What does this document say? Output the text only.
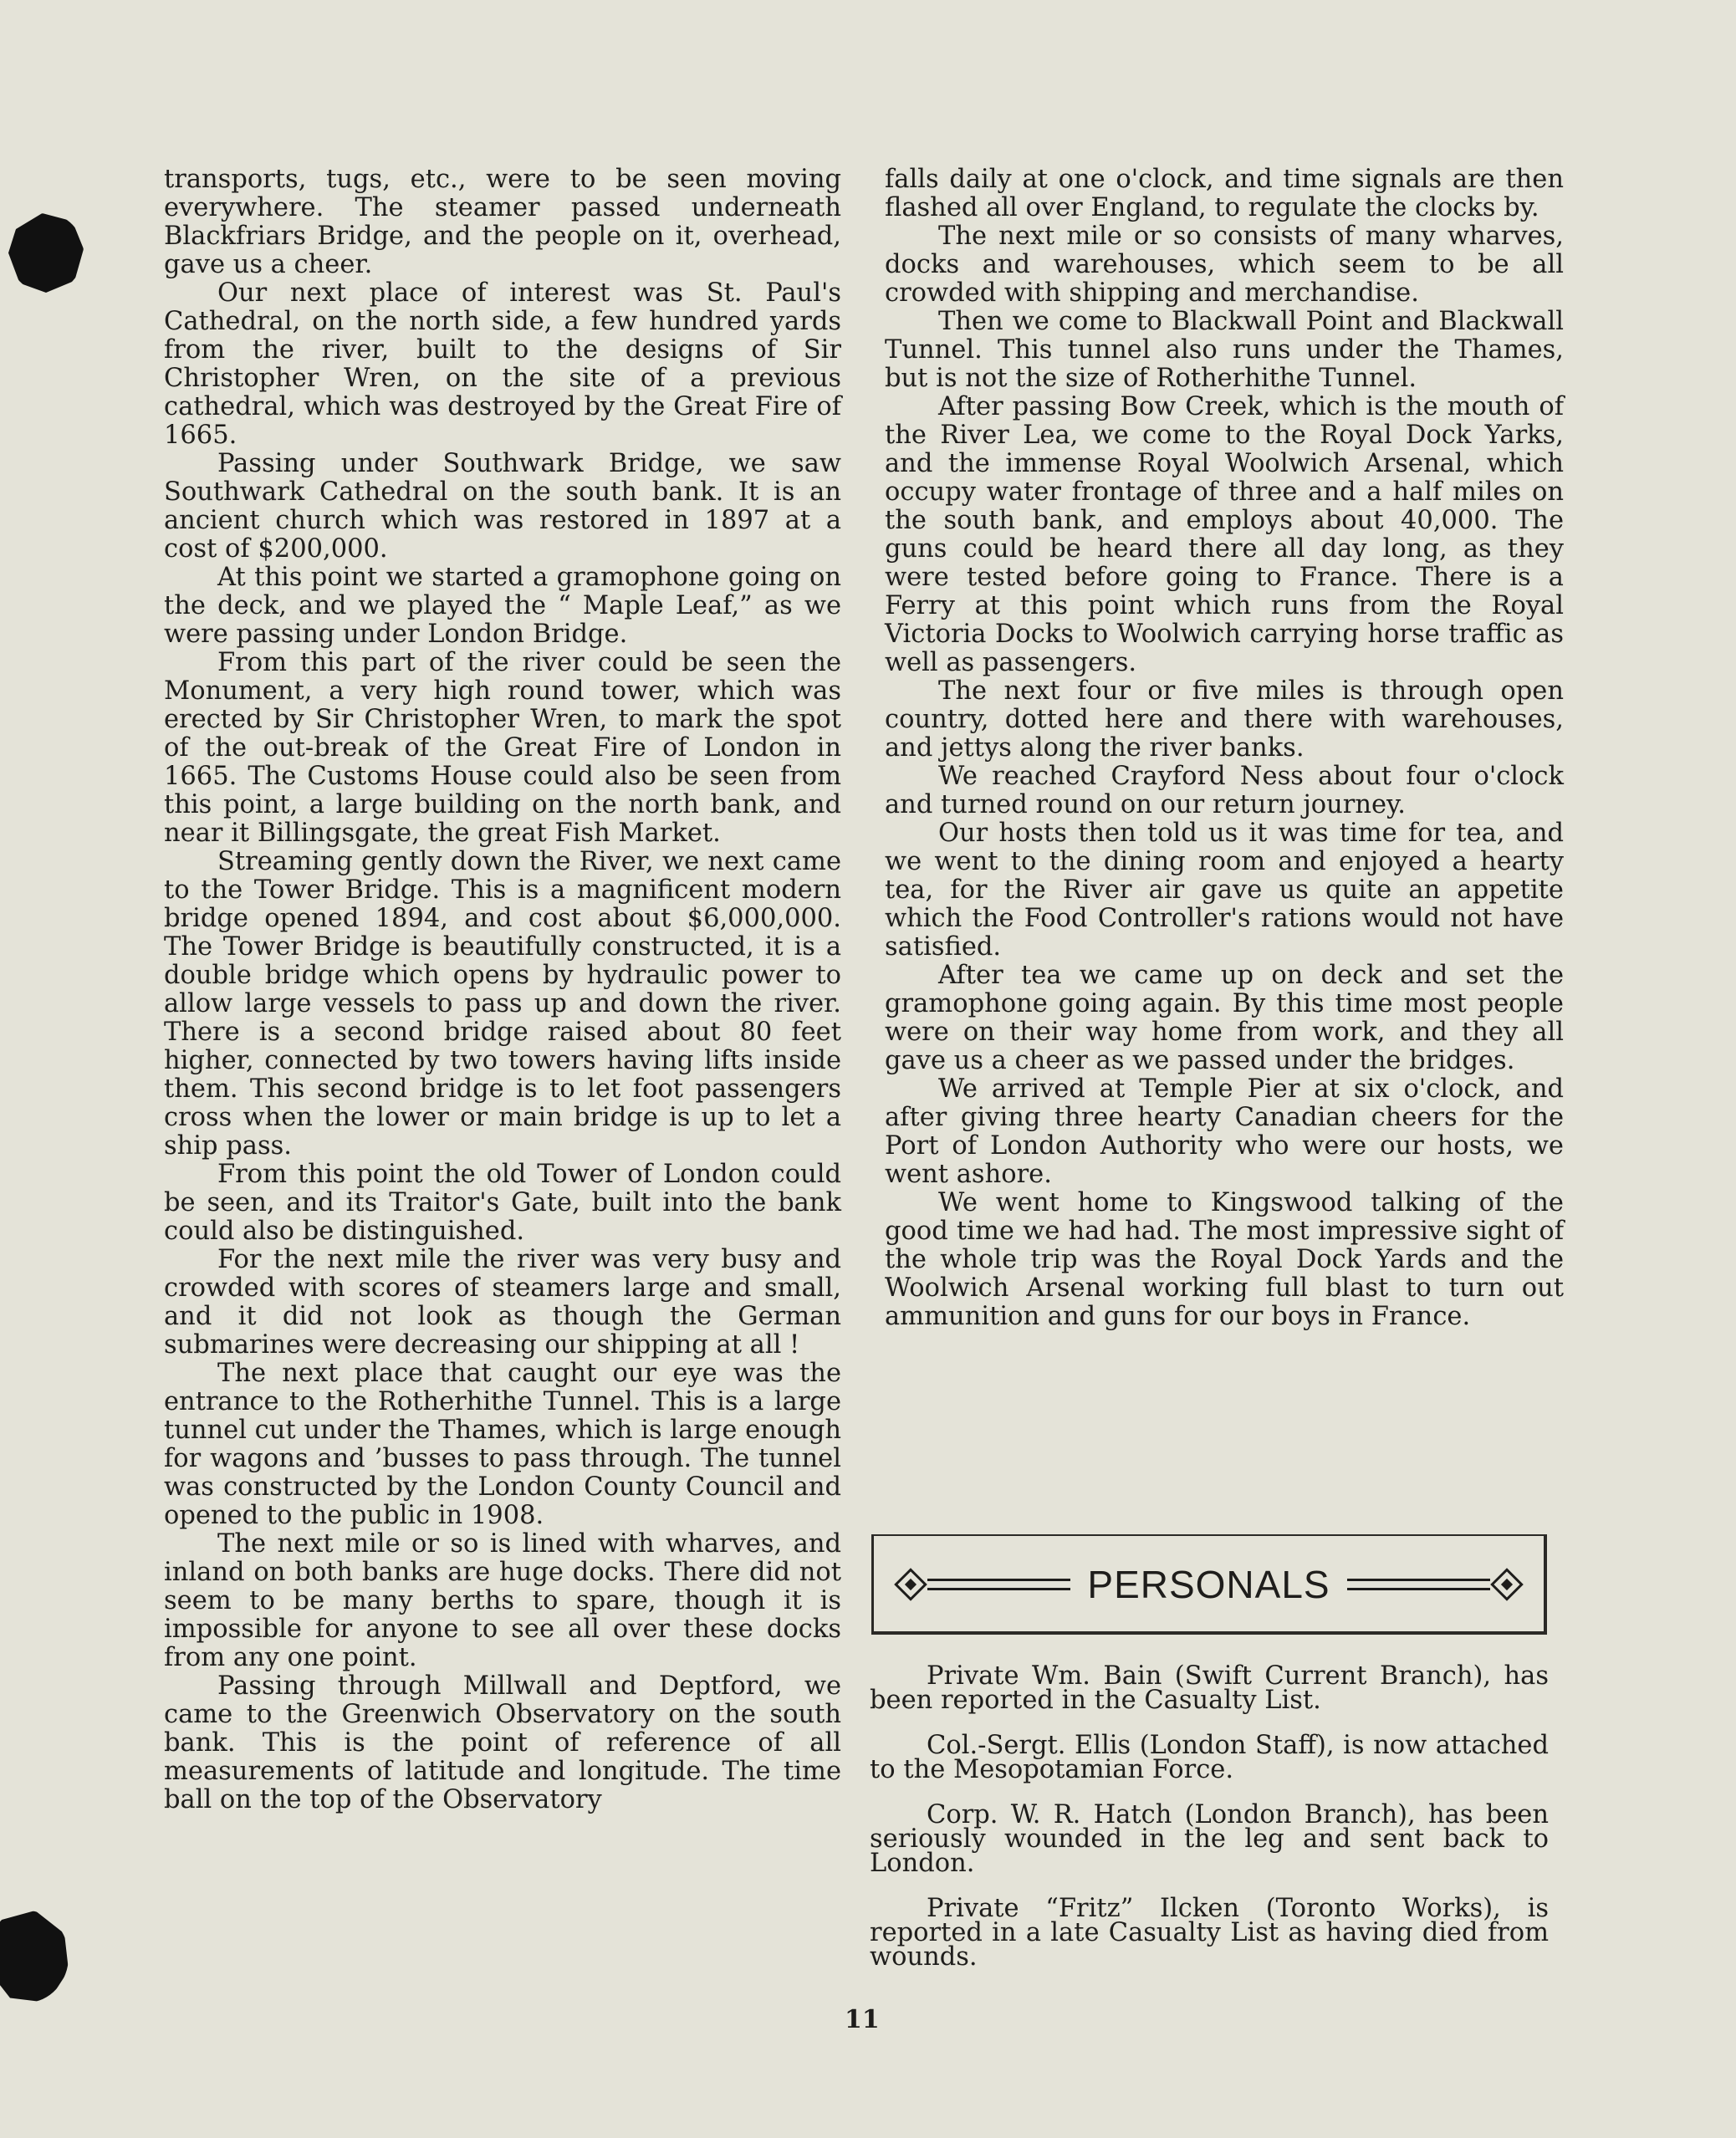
transports, tugs, etc., were to be seen moving everywhere. The steamer passed underneath Blackfriars Bridge, and the people on it, overhead, gave us a cheer.

Our next place of interest was St. Paul's Cathedral, on the north side, a few hundred yards from the river, built to the designs of Sir Christopher Wren, on the site of a previous cathedral, which was destroyed by the Great Fire of 1665.

Passing under Southwark Bridge, we saw Southwark Cathedral on the south bank. It is an ancient church which was restored in 1897 at a cost of $200,000.

At this point we started a gramophone going on the deck, and we played the “ Maple Leaf,” as we were passing under London Bridge.

From this part of the river could be seen the Monument, a very high round tower, which was erected by Sir Christopher Wren, to mark the spot of the out-break of the Great Fire of London in 1665. The Customs House could also be seen from this point, a large building on the north bank, and near it Billingsgate, the great Fish Market.

Streaming gently down the River, we next came to the Tower Bridge. This is a magnificent modern bridge opened 1894, and cost about $6,000,000. The Tower Bridge is beautifully constructed, it is a double bridge which opens by hydraulic power to allow large vessels to pass up and down the river. There is a second bridge raised about 80 feet higher, connected by two towers having lifts inside them. This second bridge is to let foot passengers cross when the lower or main bridge is up to let a ship pass.

From this point the old Tower of London could be seen, and its Traitor's Gate, built into the bank could also be distinguished.

For the next mile the river was very busy and crowded with scores of steamers large and small, and it did not look as though the German submarines were decreasing our shipping at all !

The next place that caught our eye was the entrance to the Rotherhithe Tunnel. This is a large tunnel cut under the Thames, which is large enough for wagons and ’busses to pass through. The tunnel was constructed by the London County Council and opened to the public in 1908.

The next mile or so is lined with wharves, and inland on both banks are huge docks. There did not seem to be many berths to spare, though it is impossible for anyone to see all over these docks from any one point.

Passing through Millwall and Deptford, we came to the Greenwich Observatory on the south bank. This is the point of reference of all measurements of latitude and longitude. The time ball on the top of the Observatory

falls daily at one o'clock, and time signals are then flashed all over England, to regulate the clocks by.

The next mile or so consists of many wharves, docks and warehouses, which seem to be all crowded with shipping and merchandise.

Then we come to Blackwall Point and Blackwall Tunnel. This tunnel also runs under the Thames, but is not the size of Rotherhithe Tunnel.

After passing Bow Creek, which is the mouth of the River Lea, we come to the Royal Dock Yarks, and the immense Royal Woolwich Arsenal, which occupy water frontage of three and a half miles on the south bank, and employs about 40,000. The guns could be heard there all day long, as they were tested before going to France. There is a Ferry at this point which runs from the Royal Victoria Docks to Woolwich carrying horse traffic as well as passengers.

The next four or five miles is through open country, dotted here and there with warehouses, and jettys along the river banks.

We reached Crayford Ness about four o'clock and turned round on our return journey.

Our hosts then told us it was time for tea, and we went to the dining room and enjoyed a hearty tea, for the River air gave us quite an appetite which the Food Controller's rations would not have satisfied.

After tea we came up on deck and set the gramophone going again. By this time most people were on their way home from work, and they all gave us a cheer as we passed under the bridges.

We arrived at Temple Pier at six o'clock, and after giving three hearty Canadian cheers for the Port of London Authority who were our hosts, we went ashore.

We went home to Kingswood talking of the good time we had had. The most impressive sight of the whole trip was the Royal Dock Yards and the Woolwich Arsenal working full blast to turn out ammunition and guns for our boys in France.

PERSONALS

Private Wm. Bain (Swift Current Branch), has been reported in the Casualty List.

Col.-Sergt. Ellis (London Staff), is now attached to the Mesopotamian Force.

Corp. W. R. Hatch (London Branch), has been seriously wounded in the leg and sent back to London.

Private “Fritz” Ilcken (Toronto Works), is reported in a late Casualty List as having died from wounds.

11
